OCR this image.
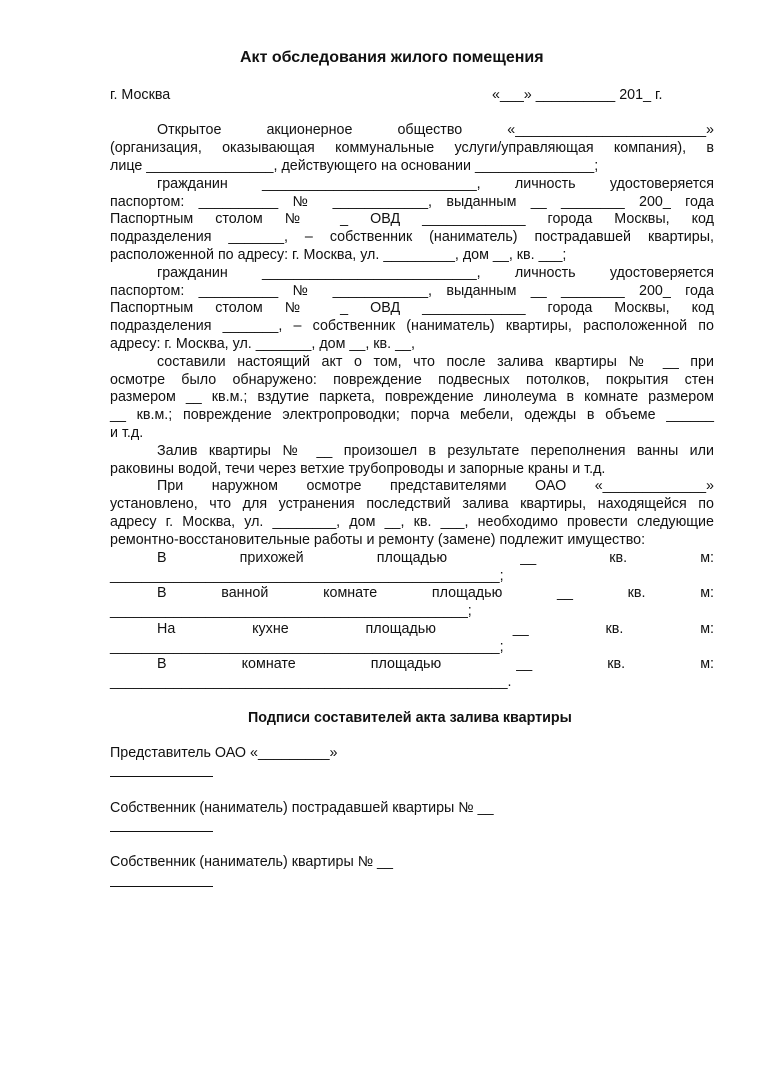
Акт обследования жилого помещения
г. Москва	«___» __________ 201_ г.
Открытое акционерное общество «________________________»
(организация, оказывающая коммунальные услуги/управляющая компания), в
лице ________________, действующего на основании _______________;
гражданин ___________________________, личность удостоверяется
паспортом: __________ № ____________, выданным __ ________ 200_ года
Паспортным столом № _ ОВД _____________ города Москвы, код
подразделения _______, – собственник (наниматель) пострадавшей квартиры,
расположенной по адресу: г. Москва, ул. _________, дом __, кв. ___;
гражданин ___________________________, личность удостоверяется
паспортом: __________ № ____________, выданным __ ________ 200_ года
Паспортным столом № _ ОВД _____________ города Москвы, код
подразделения _______, – собственник (наниматель) квартиры, расположенной по
адресу: г. Москва, ул. _______, дом __, кв. __,
составили настоящий акт о том, что после залива квартиры № __ при
осмотре было обнаружено: повреждение подвесных потолков, покрытия стен
размером __ кв.м.; вздутие паркета, повреждение линолеума в комнате размером
__ кв.м.; повреждение электропроводки; порча мебели, одежды в объеме ______
и т.д.
Залив квартиры № __ произошел в результате переполнения ванны или
раковины водой, течи через ветхие трубопроводы и запорные краны и т.д.
При наружном осмотре представителями ОАО «_____________»
установлено, что для устранения последствий залива квартиры, находящейся по
адресу г. Москва, ул. ________, дом __, кв. ___, необходимо провести следующие
ремонтно-восстановительные работы и ремонту (замене) подлежит имущество:
В прихожей площадью __ кв. м:
_________________________________________________;
В ванной комнате площадью __ кв. м:
_____________________________________________;
На кухне площадью __ кв. м:
_________________________________________________;
В комнате площадью __ кв. м:
__________________________________________________.
Подписи составителей акта залива квартиры
Представитель ОАО «_________»
Собственник (наниматель) пострадавшей квартиры № __
Собственник (наниматель) квартиры № __
